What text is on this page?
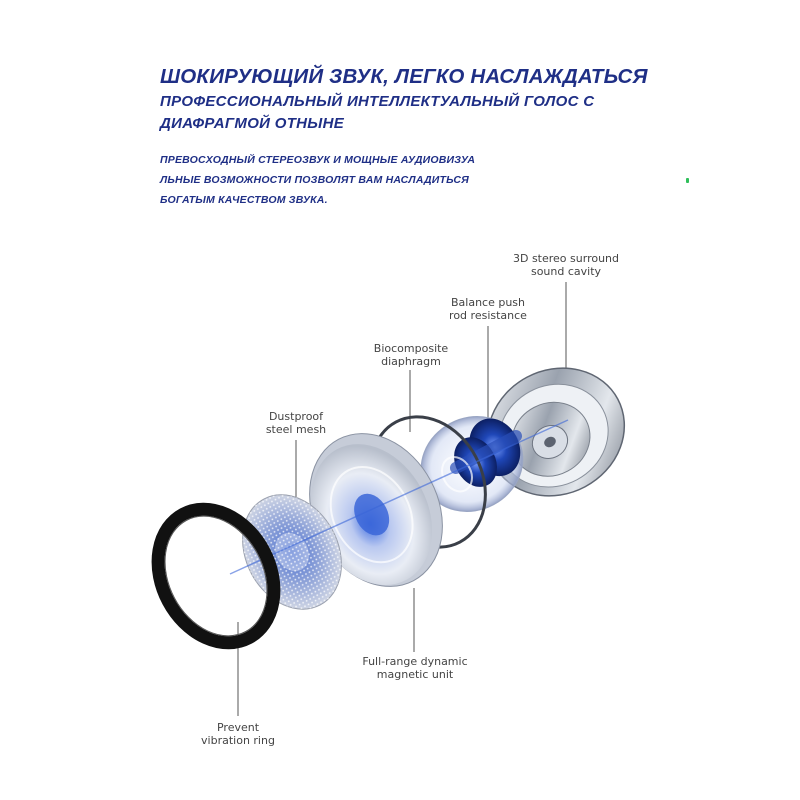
ШОКИРУЮЩИЙ ЗВУК, ЛЕГКО НАСЛАЖДАТЬСЯ
ПРОФЕССИОНАЛЬНЫЙ ИНТЕЛЛЕКТУАЛЬНЫЙ ГОЛОС С
ДИАФРАГМОЙ ОТНЫНЕ
ПРЕВОСХОДНЫЙ СТЕРЕОЗВУК И МОЩНЫЕ АУДИОВИЗУА
ЛЬНЫЕ ВОЗМОЖНОСТИ ПОЗВОЛЯТ ВАМ НАСЛАДИТЬСЯ
БОГАТЫМ КАЧЕСТВОМ ЗВУКА.
3D stereo surround
sound cavity
Balance push
rod resistance
Biocomposite
diaphragm
Dustproof
steel mesh
Full-range dynamic
magnetic unit
Prevent
vibration ring
